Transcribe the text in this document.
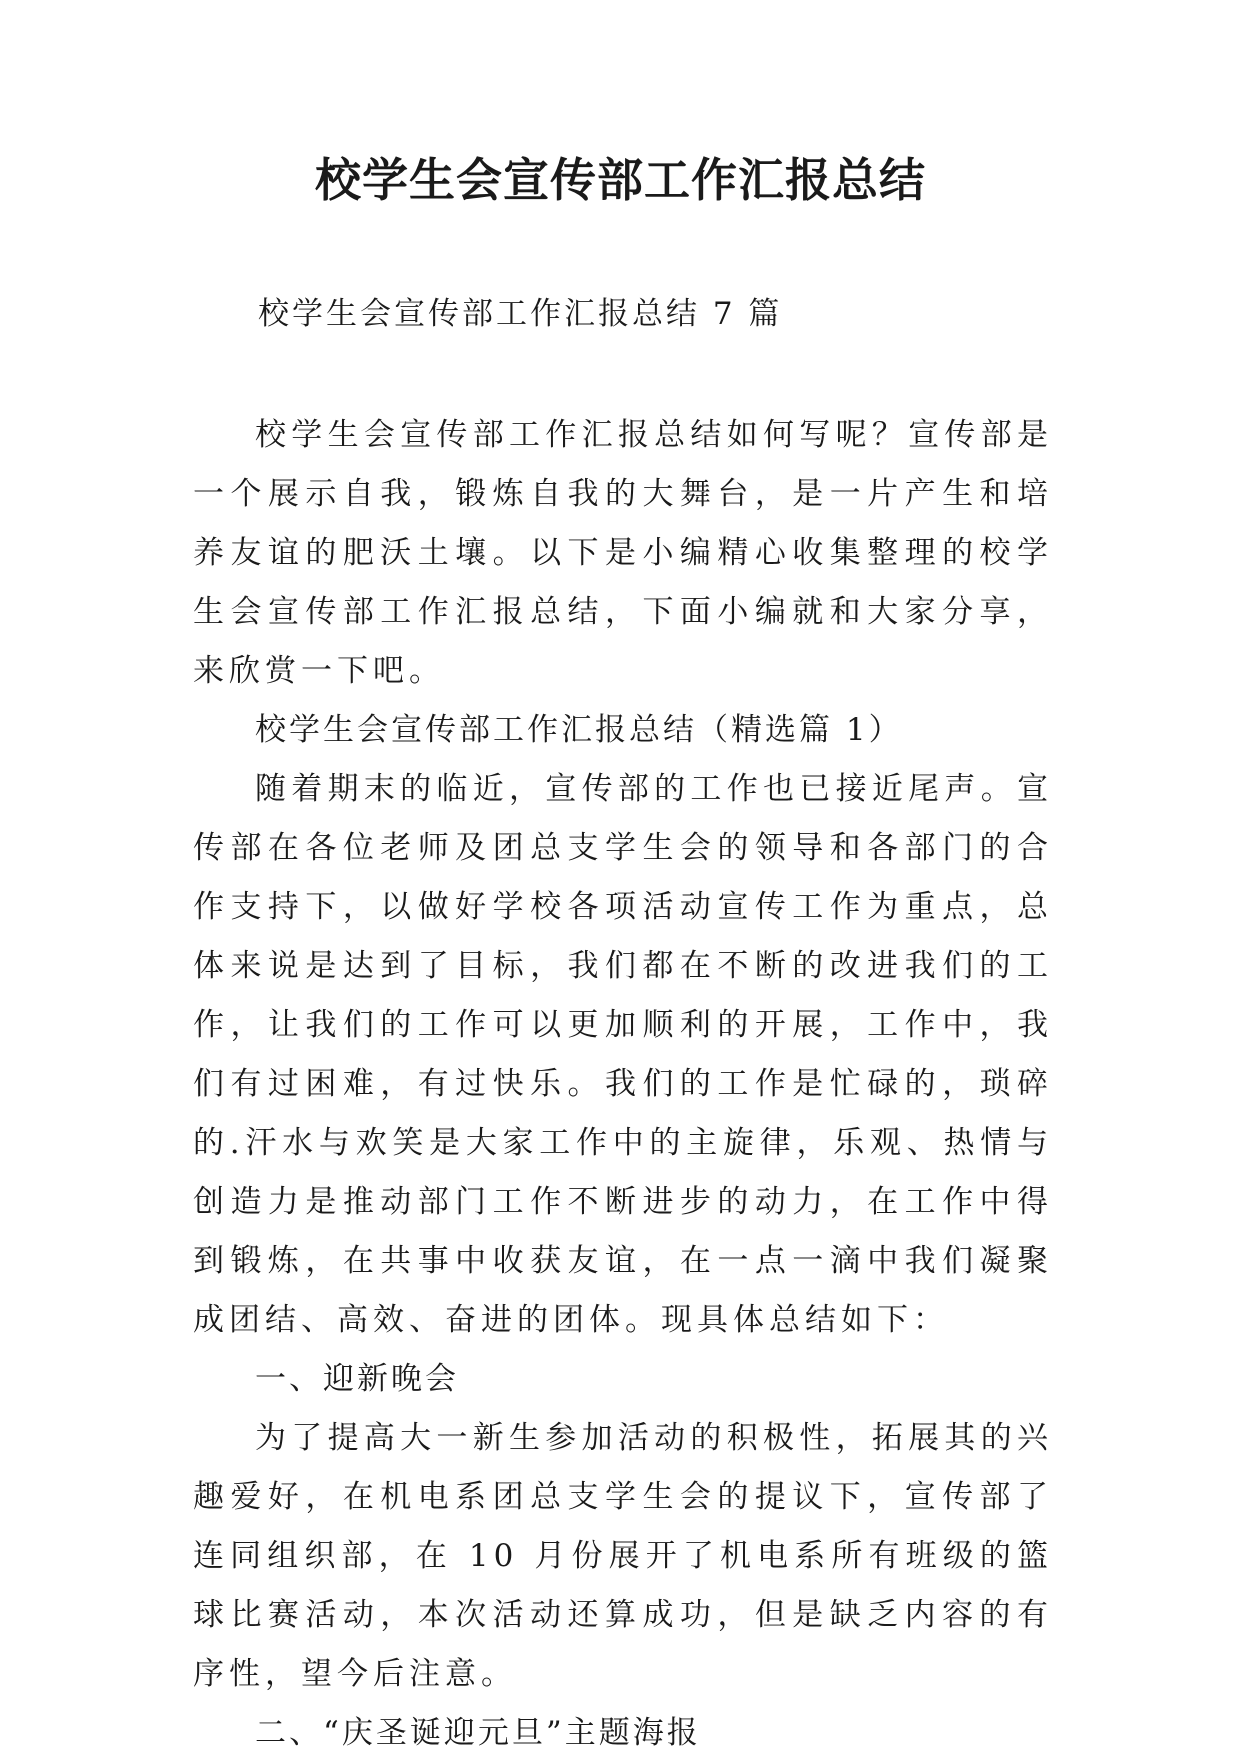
校学生会宣传部工作汇报总结

校学生会宣传部工作汇报总结 7 篇

校学生会宣传部工作汇报总结如何写呢？宣传部是一个展示自我，锻炼自我的大舞台，是一片产生和培养友谊的肥沃土壤。以下是小编精心收集整理的校学生会宣传部工作汇报总结，下面小编就和大家分享，来欣赏一下吧。

校学生会宣传部工作汇报总结（精选篇 1）

随着期末的临近，宣传部的工作也已接近尾声。宣传部在各位老师及团总支学生会的领导和各部门的合作支持下，以做好学校各项活动宣传工作为重点，总体来说是达到了目标，我们都在不断的改进我们的工作，让我们的工作可以更加顺利的开展，工作中，我们有过困难，有过快乐。我们的工作是忙碌的，琐碎的.汗水与欢笑是大家工作中的主旋律，乐观、热情与创造力是推动部门工作不断进步的动力，在工作中得到锻炼，在共事中收获友谊，在一点一滴中我们凝聚成团结、高效、奋进的团体。现具体总结如下：

一、迎新晚会

为了提高大一新生参加活动的积极性，拓展其的兴趣爱好，在机电系团总支学生会的提议下，宣传部了连同组织部，在 10 月份展开了机电系所有班级的篮球比赛活动，本次活动还算成功，但是缺乏内容的有序性，望今后注意。

二、“庆圣诞迎元旦”主题海报
